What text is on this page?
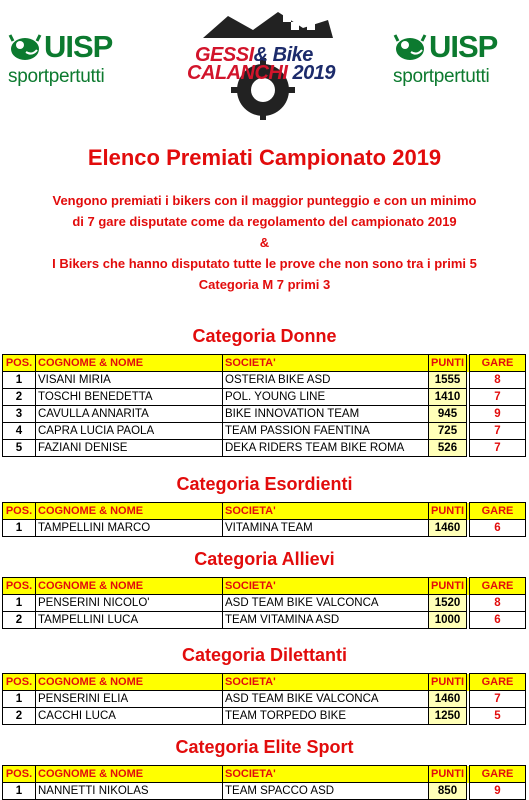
UISP
sportpertutti
GESSI& Bike
CALANCHI 2019
UISP
sportpertutti
Elenco Premiati Campionato 2019
Vengono premiati i bikers con il maggior punteggio e con un minimo
di 7 gare disputate come da regolamento del campionato 2019
&
I Bikers che hanno disputato tutte le prove che non sono tra i primi 5
Categoria M 7 primi 3
Categoria Donne
POS.	COGNOME & NOME	SOCIETA'	PUNTI		GARE
1	VISANI MIRIA	OSTERIA BIKE ASD	1555		8
2	TOSCHI BENEDETTA	POL. YOUNG LINE	1410		7
3	CAVULLA ANNARITA	BIKE INNOVATION TEAM	945		9
4	CAPRA LUCIA PAOLA	TEAM PASSION FAENTINA	725		7
5	FAZIANI DENISE	DEKA RIDERS TEAM BIKE ROMA	526		7
Categoria Esordienti
POS.	COGNOME & NOME	SOCIETA'	PUNTI		GARE
1	TAMPELLINI MARCO	VITAMINA TEAM	1460		6
Categoria Allievi
POS.	COGNOME & NOME	SOCIETA'	PUNTI		GARE
1	PENSERINI NICOLO'	ASD TEAM BIKE VALCONCA	1520		8
2	TAMPELLINI LUCA	TEAM VITAMINA ASD	1000		6
Categoria Dilettanti
POS.	COGNOME & NOME	SOCIETA'	PUNTI		GARE
1	PENSERINI ELIA	ASD TEAM BIKE VALCONCA	1460		7
2	CACCHI LUCA	TEAM TORPEDO BIKE	1250		5
Categoria Elite Sport
POS.	COGNOME & NOME	SOCIETA'	PUNTI		GARE
1	NANNETTI NIKOLAS	TEAM SPACCO ASD	850		9
